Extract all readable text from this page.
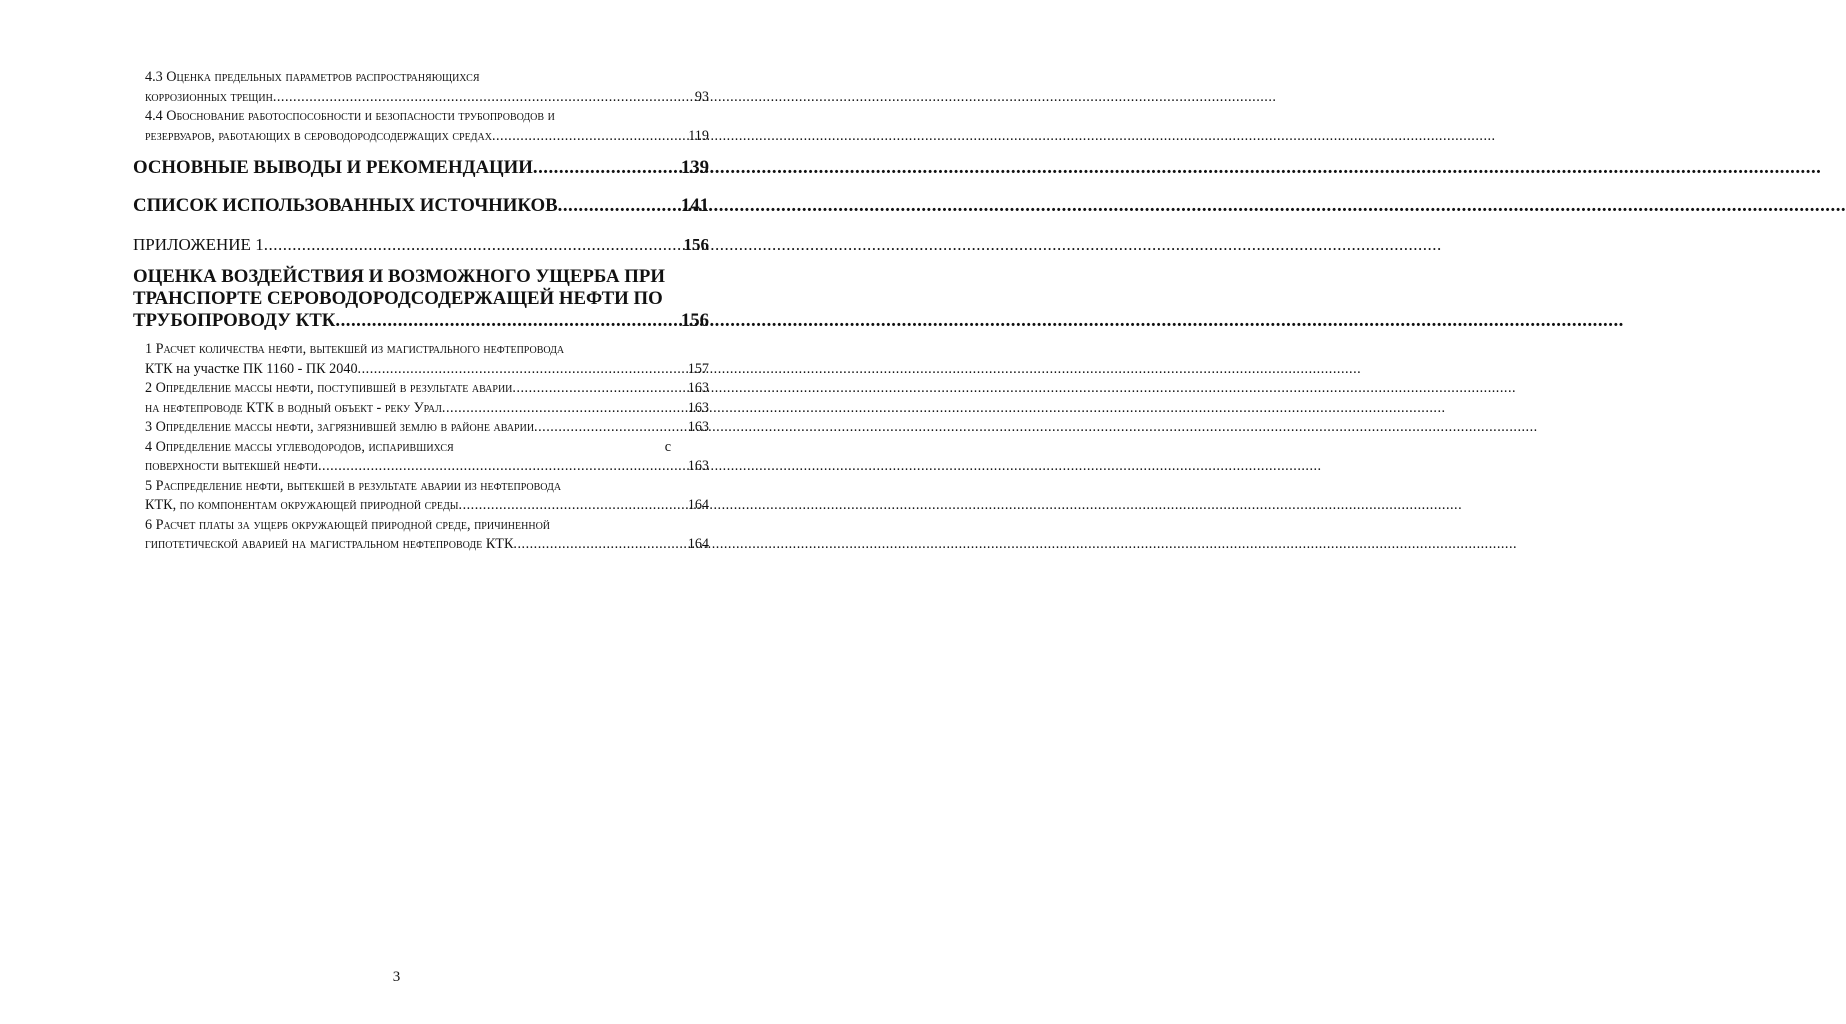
4.3 Оценка предельных параметров распространяющихся
коррозионных трещин .....	93
4.4 Обоснование работоспособности и безопасности трубопроводов и
резервуаров, работающих в сероводородсодержащих средах .....	119
ОСНОВНЫЕ ВЫВОДЫ И РЕКОМЕНДАЦИИ .....	139
СПИСОК ИСПОЛЬЗОВАННЫХ ИСТОЧНИКОВ .....	141
ПРИЛОЖЕНИЕ 1 .....	156
ОЦЕНКА ВОЗДЕЙСТВИЯ И ВОЗМОЖНОГО УЩЕРБА ПРИ
ТРАНСПОРТЕ СЕРОВОДОРОДСОДЕРЖАЩЕЙ НЕФТИ ПО
ТРУБОПРОВОДУ КТК .....	156
1 Расчет количества нефти, вытекшей из магистрального нефтепровода
КТК на участке ПК 1160 - ПК 2040 .....	157
2 Определение массы нефти, поступившей в результате аварии .....	163
на нефтепроводе КТК в водный объект - реку Урал .....	163
3 Определение массы нефти, загрязнившей землю в районе аварии .....	163
4 Определение массы углеводородов, испарившихся	с
поверхности вытекшей нефти .....	163
5 Распределение нефти, вытекшей в результате аварии из нефтепровода
КТК, по компонентам окружающей природной среды .....	164
6 Расчет платы за ущерб окружающей природной среде, причиненной
гипотетической аварией на магистральном нефтепроводе КТК .....	164
3
